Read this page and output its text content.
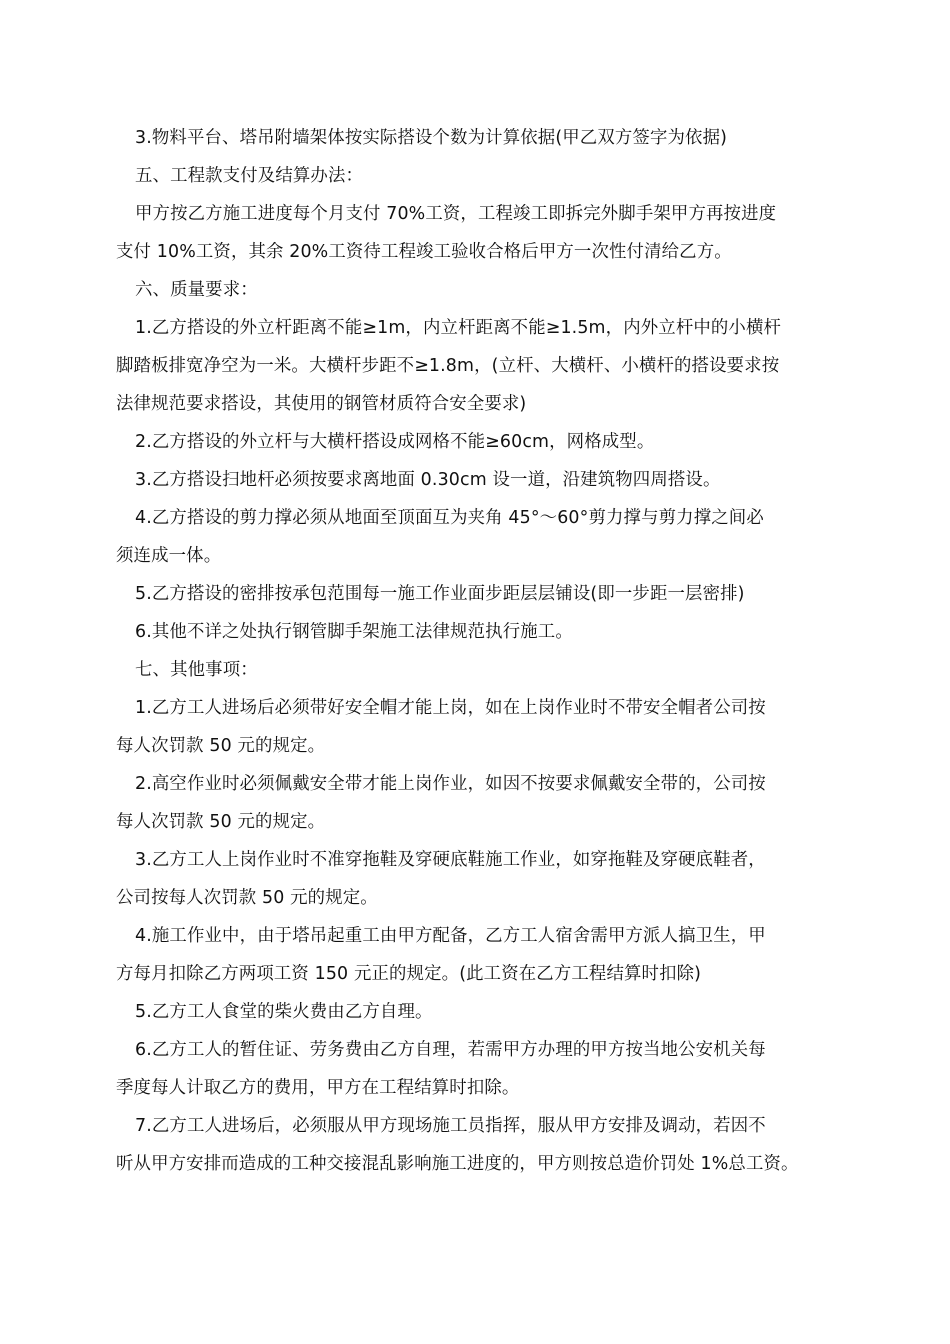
3.物料平台、塔吊附墙架体按实际搭设个数为计算依据(甲乙双方签字为依据)
五、工程款支付及结算办法：
甲方按乙方施工进度每个月支付 70%工资，工程竣工即拆完外脚手架甲方再按进度
支付 10%工资，其余 20%工资待工程竣工验收合格后甲方一次性付清给乙方。
六、质量要求：
1.乙方搭设的外立杆距离不能≥1m，内立杆距离不能≥1.5m，内外立杆中的小横杆
脚踏板排宽净空为一米。大横杆步距不≥1.8m，(立杆、大横杆、小横杆的搭设要求按
法律规范要求搭设，其使用的钢管材质符合安全要求)
2.乙方搭设的外立杆与大横杆搭设成网格不能≥60cm，网格成型。
3.乙方搭设扫地杆必须按要求离地面 0.30cm 设一道，沿建筑物四周搭设。
4.乙方搭设的剪力撑必须从地面至顶面互为夹角 45°～60°剪力撑与剪力撑之间必
须连成一体。
5.乙方搭设的密排按承包范围每一施工作业面步距层层铺设(即一步距一层密排)
6.其他不详之处执行钢管脚手架施工法律规范执行施工。
七、其他事项：
1.乙方工人进场后必须带好安全帽才能上岗，如在上岗作业时不带安全帽者公司按
每人次罚款 50 元的规定。
2.高空作业时必须佩戴安全带才能上岗作业，如因不按要求佩戴安全带的，公司按
每人次罚款 50 元的规定。
3.乙方工人上岗作业时不准穿拖鞋及穿硬底鞋施工作业，如穿拖鞋及穿硬底鞋者，
公司按每人次罚款 50 元的规定。
4.施工作业中，由于塔吊起重工由甲方配备，乙方工人宿舍需甲方派人搞卫生，甲
方每月扣除乙方两项工资 150 元正的规定。(此工资在乙方工程结算时扣除)
5.乙方工人食堂的柴火费由乙方自理。
6.乙方工人的暂住证、劳务费由乙方自理，若需甲方办理的甲方按当地公安机关每
季度每人计取乙方的费用，甲方在工程结算时扣除。
7.乙方工人进场后，必须服从甲方现场施工员指挥，服从甲方安排及调动，若因不
听从甲方安排而造成的工种交接混乱影响施工进度的，甲方则按总造价罚处 1%总工资。
